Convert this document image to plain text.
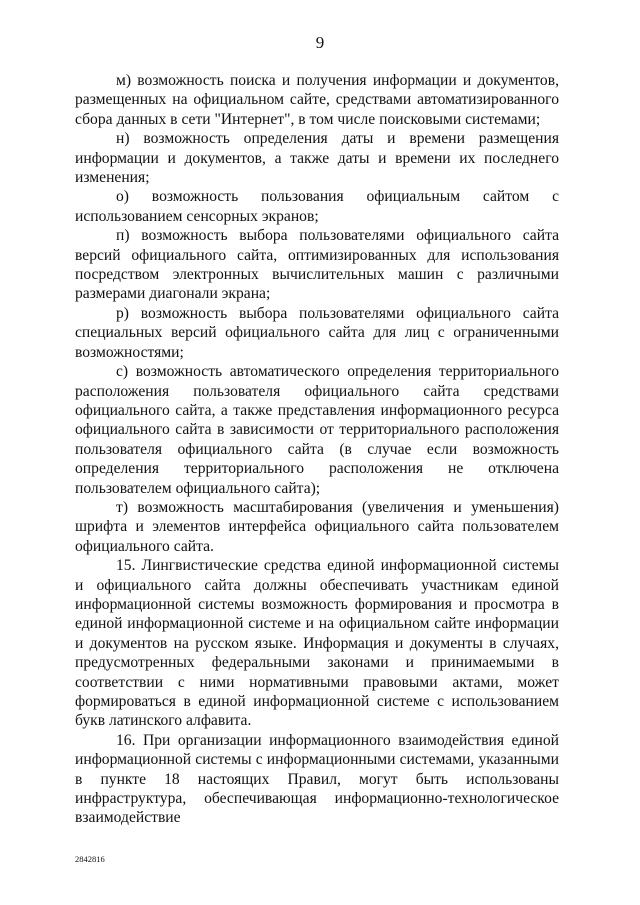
9

м) возможность поиска и получения информации и документов, размещенных на официальном сайте, средствами автоматизированного сбора данных в сети "Интернет", в том числе поисковыми системами;

н) возможность определения даты и времени размещения информации и документов, а также даты и времени их последнего изменения;

о) возможность пользования официальным сайтом с использованием сенсорных экранов;

п) возможность выбора пользователями официального сайта версий официального сайта, оптимизированных для использования посредством электронных вычислительных машин с различными размерами диагонали экрана;

р) возможность выбора пользователями официального сайта специальных версий официального сайта для лиц с ограниченными возможностями;

с) возможность автоматического определения территориального расположения пользователя официального сайта средствами официального сайта, а также представления информационного ресурса официального сайта в зависимости от территориального расположения пользователя официального сайта (в случае если возможность определения территориального расположения не отключена пользователем официального сайта);

т) возможность масштабирования (увеличения и уменьшения) шрифта и элементов интерфейса официального сайта пользователем официального сайта.

15. Лингвистические средства единой информационной системы и официального сайта должны обеспечивать участникам единой информационной системы возможность формирования и просмотра в единой информационной системе и на официальном сайте информации и документов на русском языке. Информация и документы в случаях, предусмотренных федеральными законами и принимаемыми в соответствии с ними нормативными правовыми актами, может формироваться в единой информационной системе с использованием букв латинского алфавита.

16. При организации информационного взаимодействия единой информационной системы с информационными системами, указанными в пункте 18 настоящих Правил, могут быть использованы инфраструктура, обеспечивающая информационно-технологическое взаимодействие

2842816
